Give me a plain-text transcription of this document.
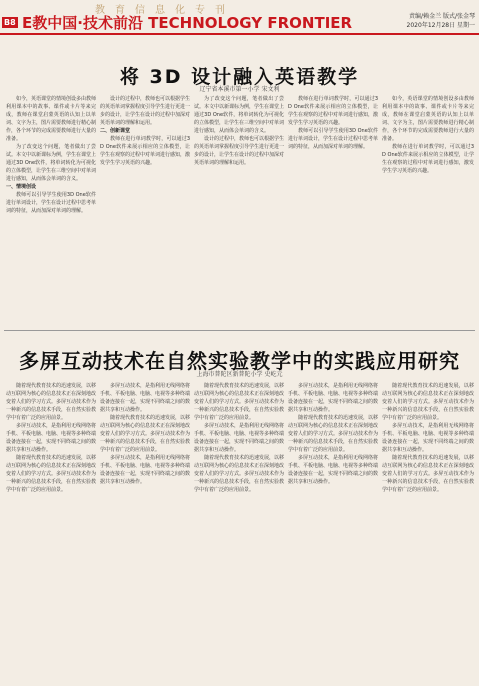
教育信息化专刊
B8 E教中国·技术前沿 TECHNOLOGY FRONTIER	责编/赖金兰 版式/张金琴
2020年12月28日 星期一
将 3D 设计融入英语教学
辽宁省本溪市第一小学 宋文利
如今，英语课堂的情境创设多由教师利用课本中的故事、课件或卡片等来完成，教师在课堂启蒙英语的认知上以单词、文字为主，图片需要教师进行精心制作，各个环节的完成需要教师进行大量的准备。
为了改变这个问题，笔者做出了尝试。本文中以新课标为例，学生在课堂上通过3D One软件，将单词转化为可视化的立体模型，让学生在三维空间中对单词进行感知，从而体会单词的含义。
一、情境创设
教师可以引导学生使用3D One软件进行单词设计，学生在设计过程中思考单词的特征，从而加深对单词的理解。
设计的过程中，教师也可以根据学生的英语单词掌握程度引导学生进行更进一步的设计，让学生在设计的过程中加深对英语单词的理解和运用。
二、创新课堂
教师在进行单词教学时，可以通过3D One软件来展示相应的立体模型，让学生在观察的过程中对单词进行感知，激发学生学习英语的兴趣。
为了改变这个问题，笔者做出了尝试。本文中以新课标为例，学生在课堂上通过3D One软件，将单词转化为可视化的立体模型，让学生在三维空间中对单词进行感知，从而体会单词的含义。
设计的过程中，教师也可以根据学生的英语单词掌握程度引导学生进行更进一步的设计，让学生在设计的过程中加深对英语单词的理解和运用。
教师在进行单词教学时，可以通过3D One软件来展示相应的立体模型，让学生在观察的过程中对单词进行感知，激发学生学习英语的兴趣。
教师可以引导学生使用3D One软件进行单词设计，学生在设计过程中思考单词的特征，从而加深对单词的理解。
如今，英语课堂的情境创设多由教师利用课本中的故事、课件或卡片等来完成，教师在课堂启蒙英语的认知上以单词、文字为主，图片需要教师进行精心制作，各个环节的完成需要教师进行大量的准备。
教师在进行单词教学时，可以通过3D One软件来展示相应的立体模型，让学生在观察的过程中对单词进行感知，激发学生学习英语的兴趣。
多屏互动技术在自然实验教学中的实践应用研究
上海市普陀区新普陀小学 史屹元
随着现代教育技术的迅速发展，以移动互联网为核心的信息技术正在深刻地改变着人们的学习方式。多屏互动技术作为一种新兴的信息技术手段，在自然实验教学中有着广泛的应用前景。
多屏互动技术，是指利用无线网络将手机、平板电脑、电脑、电视等多种终端设备连接在一起，实现不同终端之间的数据共享和互动操作。
随着现代教育技术的迅速发展，以移动互联网为核心的信息技术正在深刻地改变着人们的学习方式。多屏互动技术作为一种新兴的信息技术手段，在自然实验教学中有着广泛的应用前景。
多屏互动技术，是指利用无线网络将手机、平板电脑、电脑、电视等多种终端设备连接在一起，实现不同终端之间的数据共享和互动操作。
随着现代教育技术的迅速发展，以移动互联网为核心的信息技术正在深刻地改变着人们的学习方式。多屏互动技术作为一种新兴的信息技术手段，在自然实验教学中有着广泛的应用前景。
多屏互动技术，是指利用无线网络将手机、平板电脑、电脑、电视等多种终端设备连接在一起，实现不同终端之间的数据共享和互动操作。
随着现代教育技术的迅速发展，以移动互联网为核心的信息技术正在深刻地改变着人们的学习方式。多屏互动技术作为一种新兴的信息技术手段，在自然实验教学中有着广泛的应用前景。
多屏互动技术，是指利用无线网络将手机、平板电脑、电脑、电视等多种终端设备连接在一起，实现不同终端之间的数据共享和互动操作。
随着现代教育技术的迅速发展，以移动互联网为核心的信息技术正在深刻地改变着人们的学习方式。多屏互动技术作为一种新兴的信息技术手段，在自然实验教学中有着广泛的应用前景。
多屏互动技术，是指利用无线网络将手机、平板电脑、电脑、电视等多种终端设备连接在一起，实现不同终端之间的数据共享和互动操作。
随着现代教育技术的迅速发展，以移动互联网为核心的信息技术正在深刻地改变着人们的学习方式。多屏互动技术作为一种新兴的信息技术手段，在自然实验教学中有着广泛的应用前景。
多屏互动技术，是指利用无线网络将手机、平板电脑、电脑、电视等多种终端设备连接在一起，实现不同终端之间的数据共享和互动操作。
随着现代教育技术的迅速发展，以移动互联网为核心的信息技术正在深刻地改变着人们的学习方式。多屏互动技术作为一种新兴的信息技术手段，在自然实验教学中有着广泛的应用前景。
多屏互动技术，是指利用无线网络将手机、平板电脑、电脑、电视等多种终端设备连接在一起，实现不同终端之间的数据共享和互动操作。
随着现代教育技术的迅速发展，以移动互联网为核心的信息技术正在深刻地改变着人们的学习方式。多屏互动技术作为一种新兴的信息技术手段，在自然实验教学中有着广泛的应用前景。
